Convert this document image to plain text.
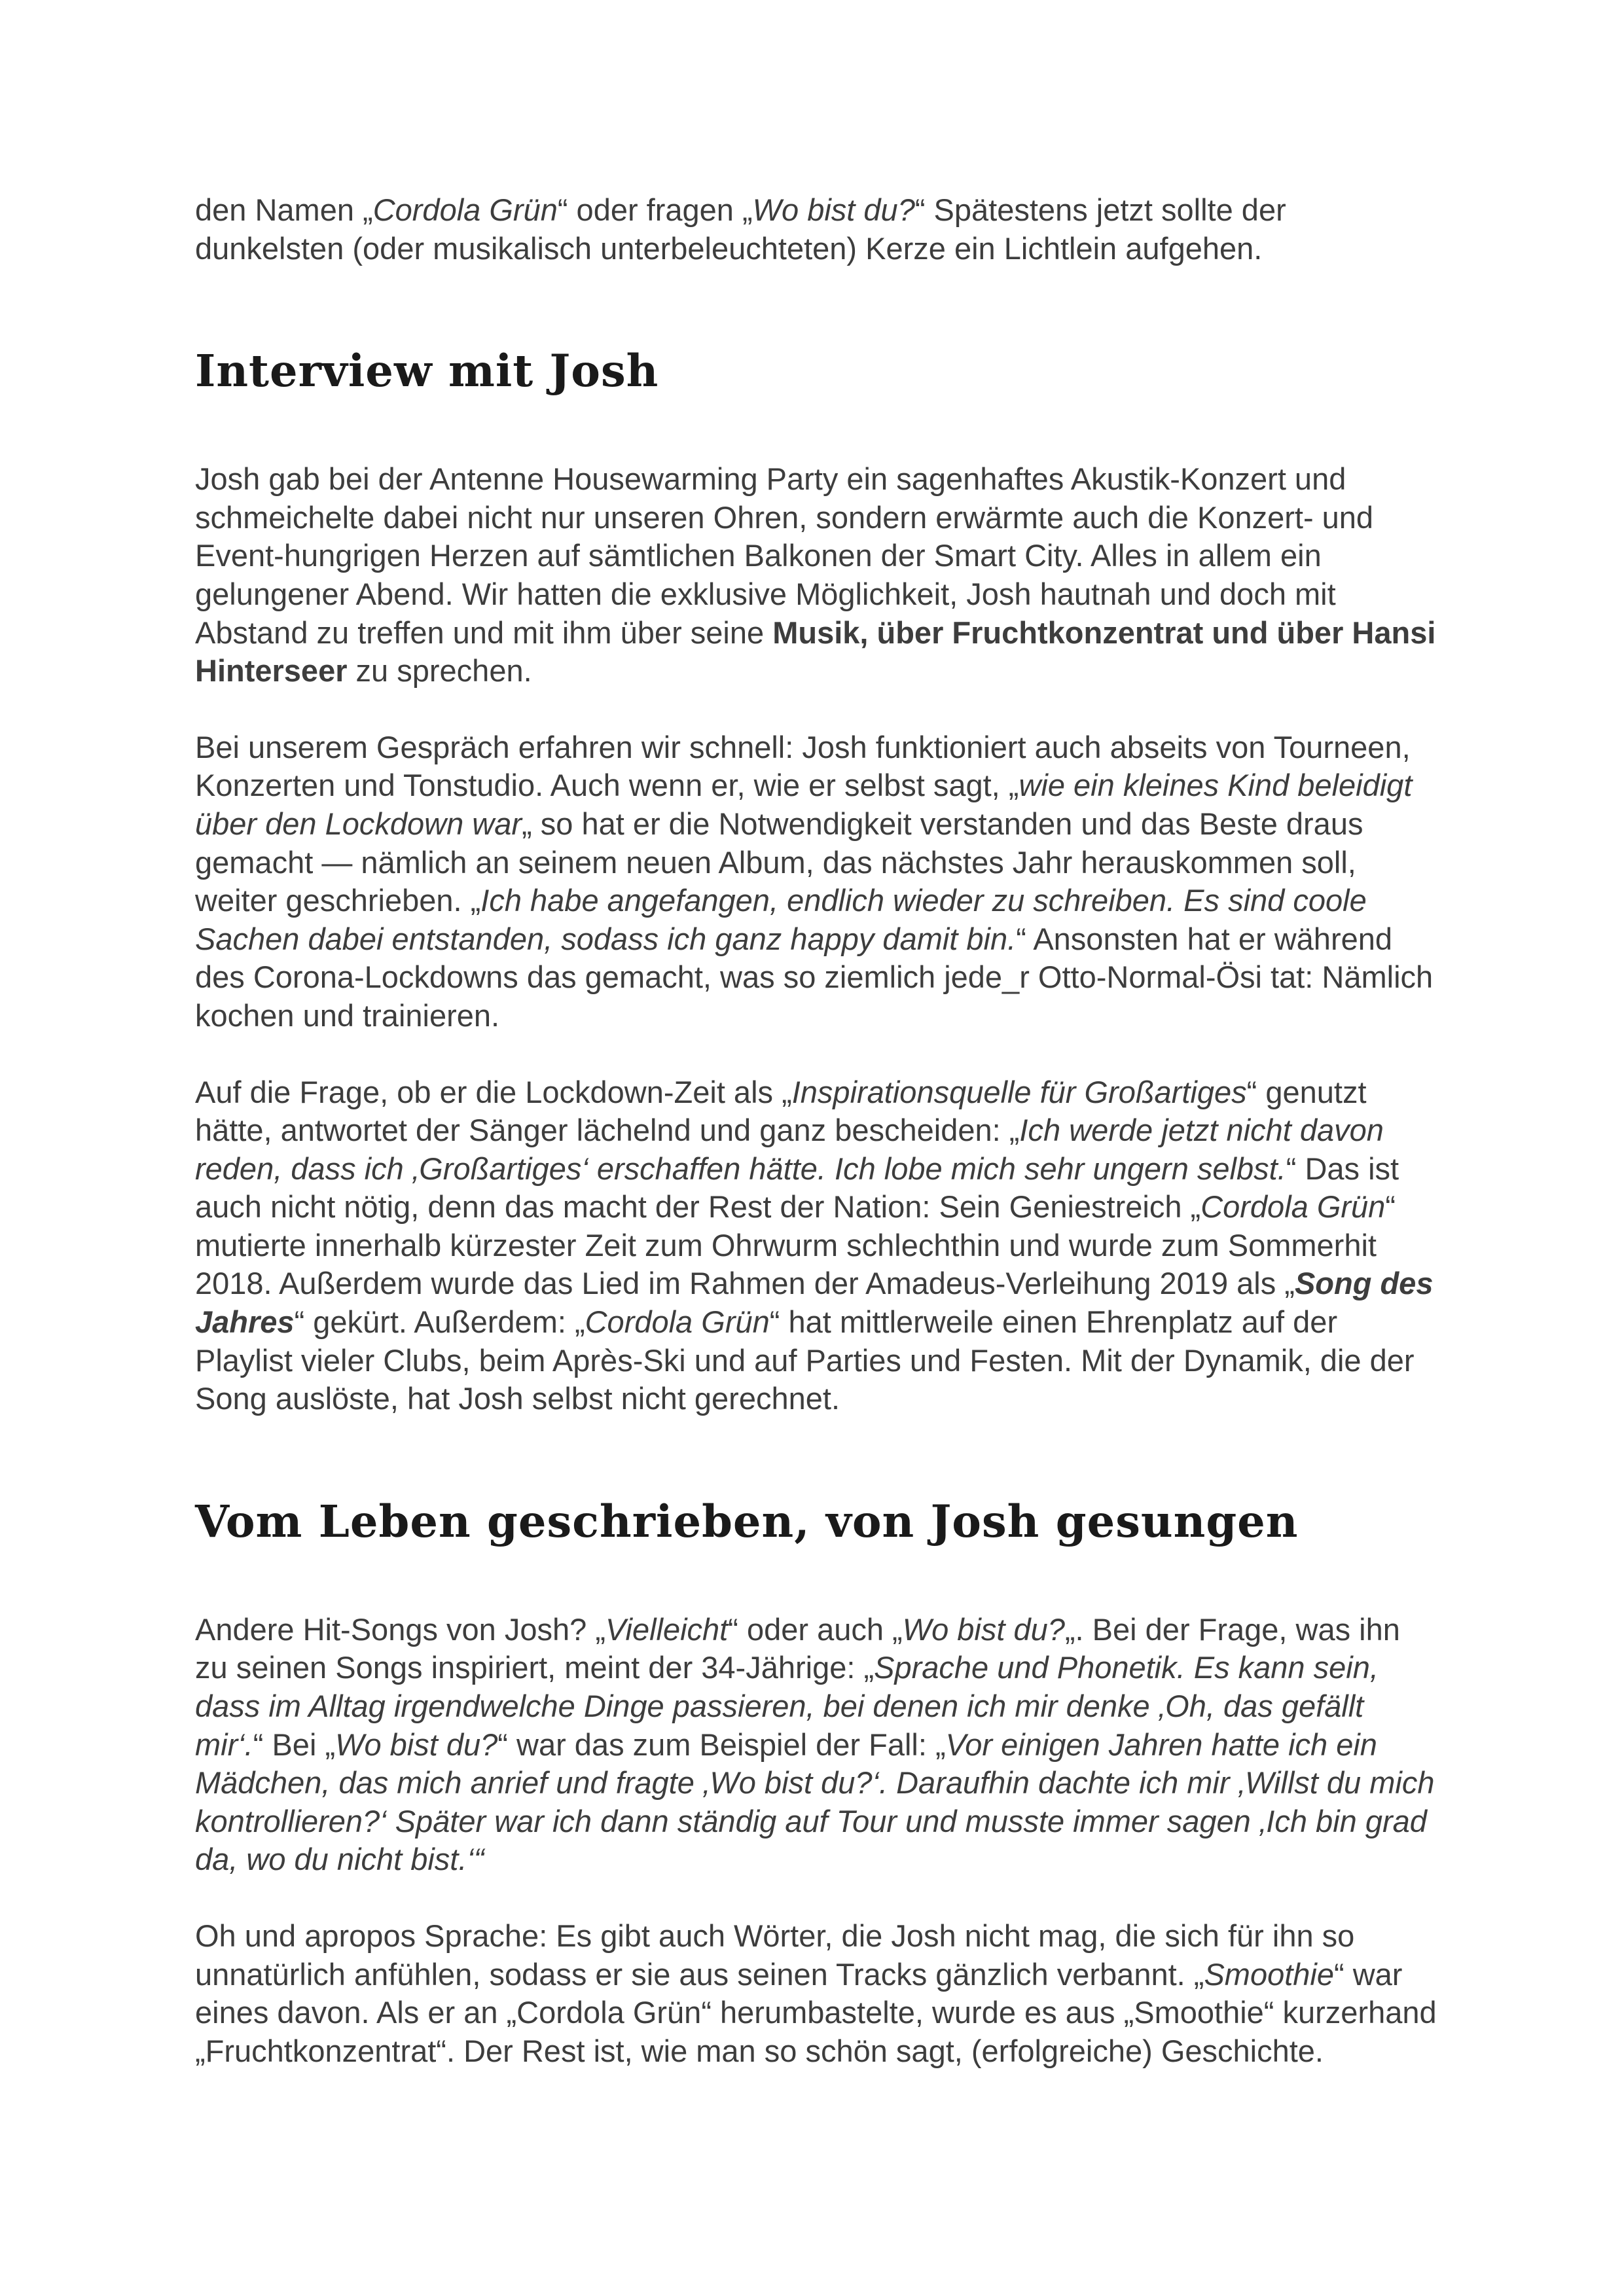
den Namen „Cordola Grün“ oder fragen „Wo bist du?“ Spätestens jetzt sollte der dunkelsten (oder musikalisch unterbeleuchteten) Kerze ein Lichtlein aufgehen.

Interview mit Josh

Josh gab bei der Antenne Housewarming Party ein sagenhaftes Akustik-Konzert und schmeichelte dabei nicht nur unseren Ohren, sondern erwärmte auch die Konzert- und Event-hungrigen Herzen auf sämtlichen Balkonen der Smart City. Alles in allem ein gelungener Abend. Wir hatten die exklusive Möglichkeit, Josh hautnah und doch mit Abstand zu treffen und mit ihm über seine Musik, über Fruchtkonzentrat und über Hansi Hinterseer zu sprechen.

Bei unserem Gespräch erfahren wir schnell: Josh funktioniert auch abseits von Tourneen, Konzerten und Tonstudio. Auch wenn er, wie er selbst sagt, „wie ein kleines Kind beleidigt über den Lockdown war„ so hat er die Notwendigkeit verstanden und das Beste draus gemacht — nämlich an seinem neuen Album, das nächstes Jahr herauskommen soll, weiter geschrieben. „Ich habe angefangen, endlich wieder zu schreiben. Es sind coole Sachen dabei entstanden, sodass ich ganz happy damit bin.“ Ansonsten hat er während des Corona-Lockdowns das gemacht, was so ziemlich jede_r Otto-Normal-Ösi tat: Nämlich kochen und trainieren.

Auf die Frage, ob er die Lockdown-Zeit als „Inspirationsquelle für Großartiges“ genutzt hätte, antwortet der Sänger lächelnd und ganz bescheiden: „Ich werde jetzt nicht davon reden, dass ich ‚Großartiges‘ erschaffen hätte. Ich lobe mich sehr ungern selbst.“ Das ist auch nicht nötig, denn das macht der Rest der Nation: Sein Geniestreich „Cordola Grün“ mutierte innerhalb kürzester Zeit zum Ohrwurm schlechthin und wurde zum Sommerhit 2018. Außerdem wurde das Lied im Rahmen der Amadeus-Verleihung 2019 als „Song des Jahres“ gekürt. Außerdem: „Cordola Grün“ hat mittlerweile einen Ehrenplatz auf der Playlist vieler Clubs, beim Après-Ski und auf Parties und Festen. Mit der Dynamik, die der Song auslöste, hat Josh selbst nicht gerechnet.

Vom Leben geschrieben, von Josh gesungen

Andere Hit-Songs von Josh? „Vielleicht“ oder auch „Wo bist du?„. Bei der Frage, was ihn zu seinen Songs inspiriert, meint der 34-Jährige: „Sprache und Phonetik. Es kann sein, dass im Alltag irgendwelche Dinge passieren, bei denen ich mir denke ‚Oh, das gefällt mir‘.“ Bei „Wo bist du?“ war das zum Beispiel der Fall: „Vor einigen Jahren hatte ich ein Mädchen, das mich anrief und fragte ‚Wo bist du?‘. Daraufhin dachte ich mir ‚Willst du mich kontrollieren?‘ Später war ich dann ständig auf Tour und musste immer sagen ‚Ich bin grad da, wo du nicht bist.‘“

Oh und apropos Sprache: Es gibt auch Wörter, die Josh nicht mag, die sich für ihn so unnatürlich anfühlen, sodass er sie aus seinen Tracks gänzlich verbannt. „Smoothie“ war eines davon. Als er an „Cordola Grün“ herumbastelte, wurde es aus „Smoothie“ kurzerhand „Fruchtkonzentrat“. Der Rest ist, wie man so schön sagt, (erfolgreiche) Geschichte.
